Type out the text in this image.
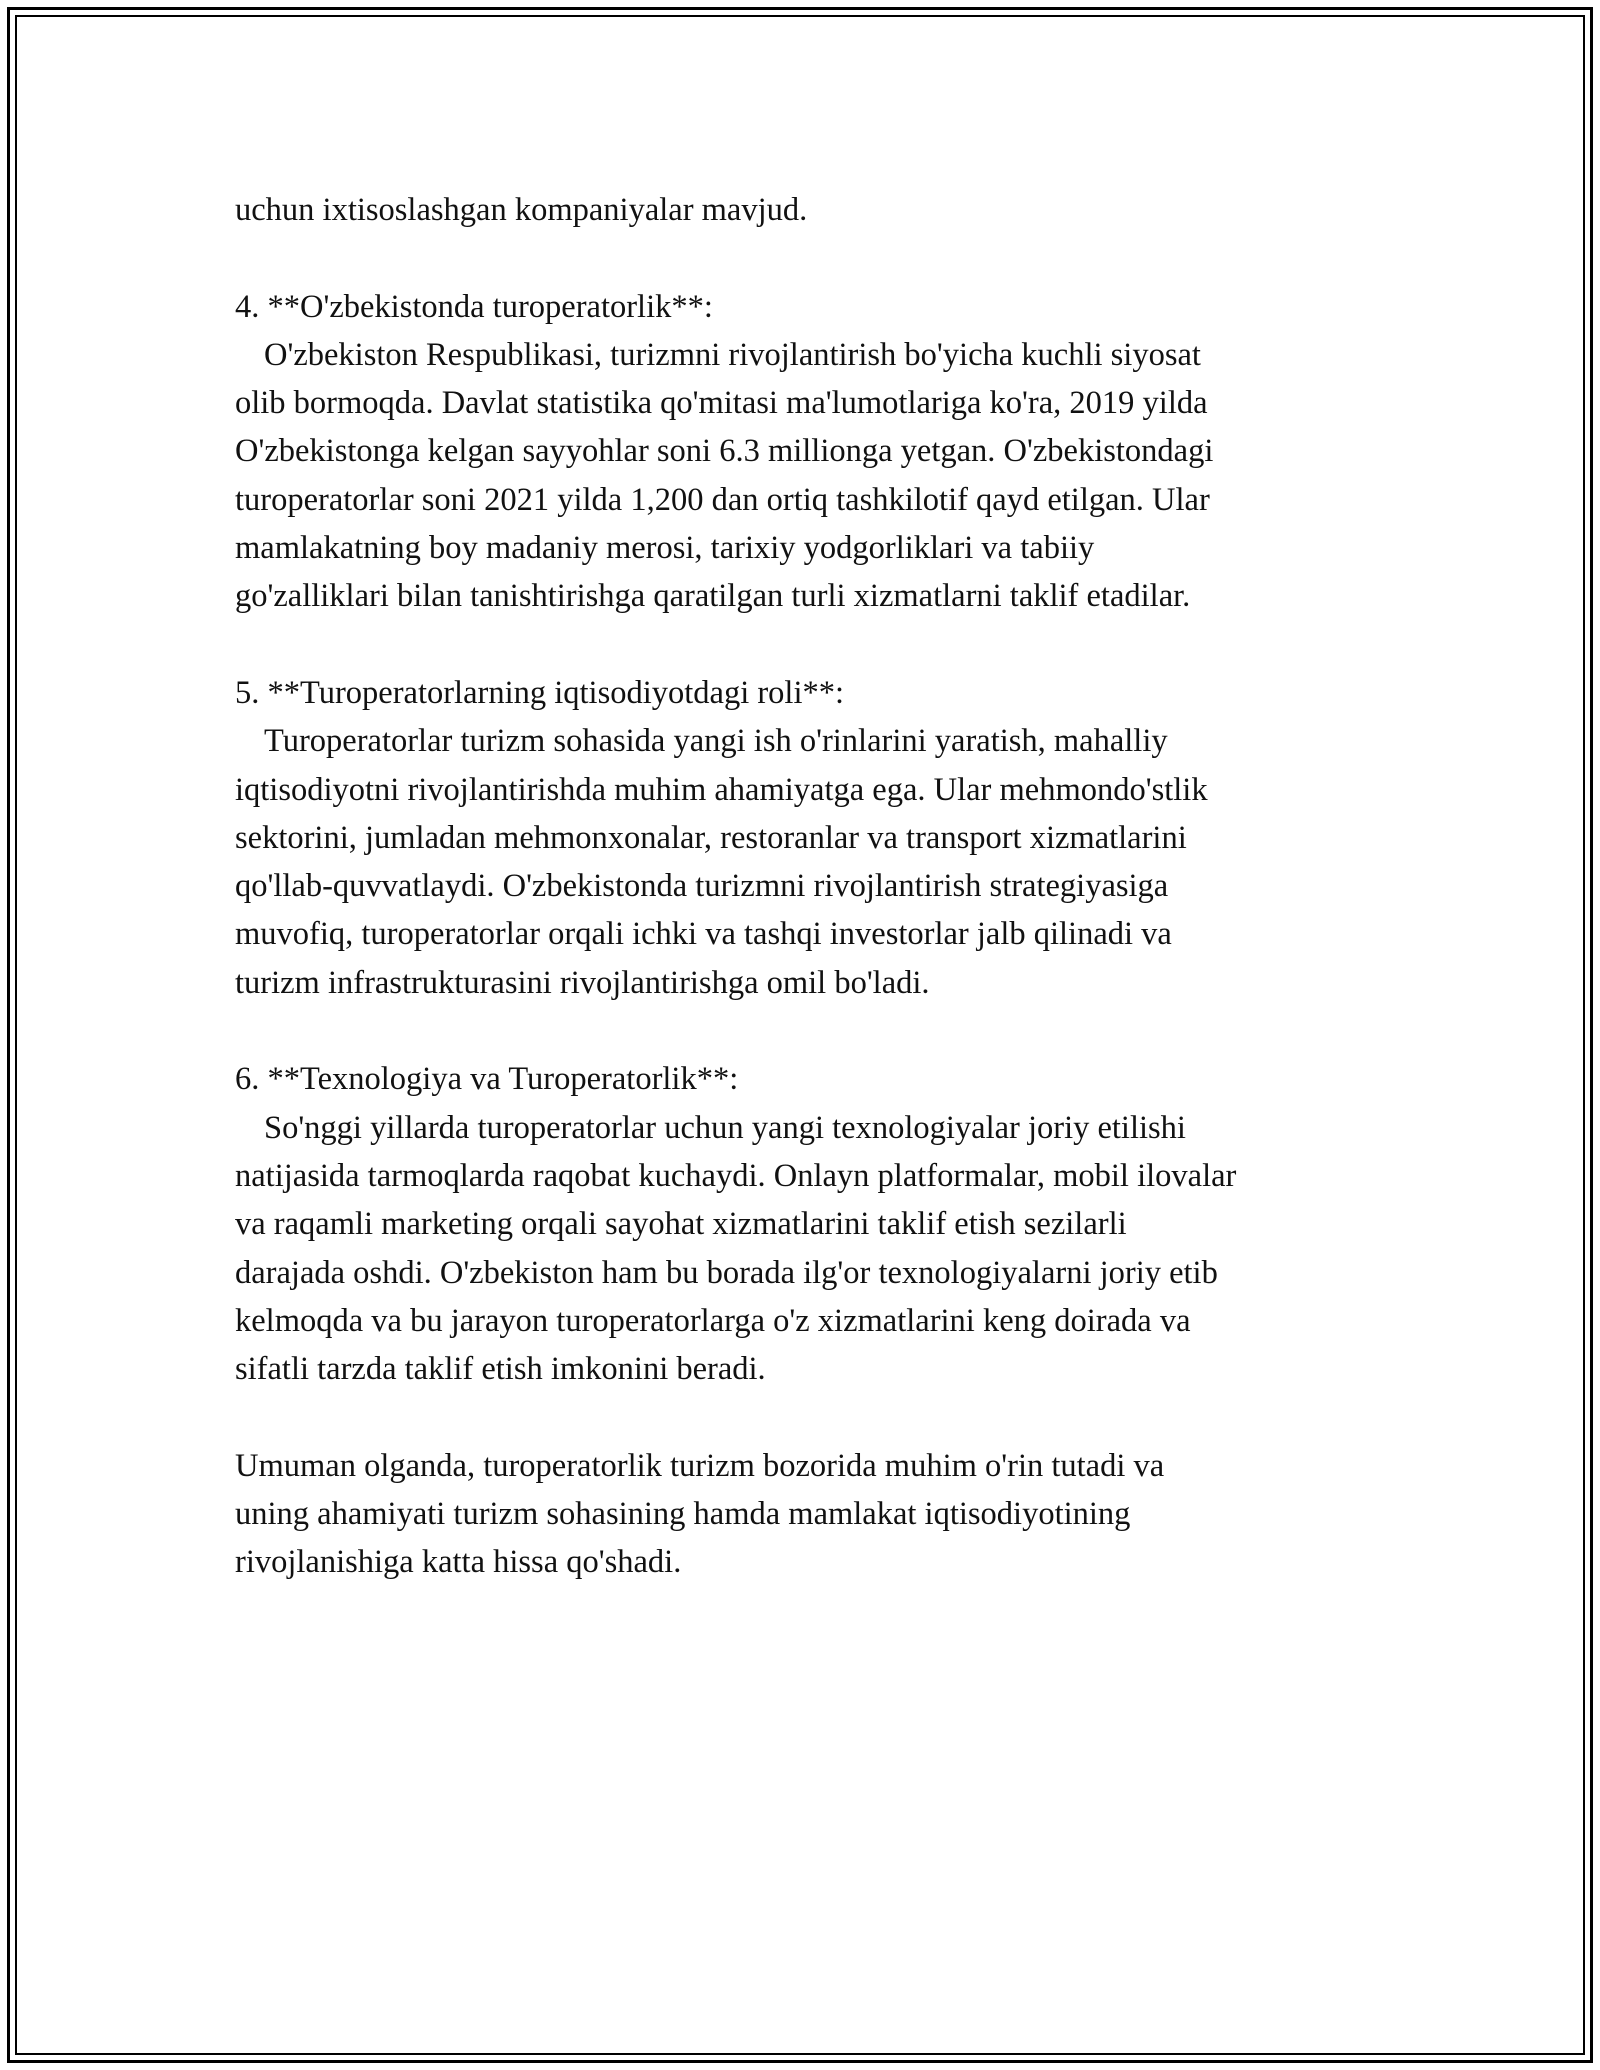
uchun ixtisoslashgan kompaniyalar mavjud.
4. **O'zbekistonda turoperatorlik**:
O'zbekiston Respublikasi, turizmni rivojlantirish bo'yicha kuchli siyosat
olib bormoqda. Davlat statistika qo'mitasi ma'lumotlariga ko'ra, 2019 yilda
O'zbekistonga kelgan sayyohlar soni 6.3 millionga yetgan. O'zbekistondagi
turoperatorlar soni 2021 yilda 1,200 dan ortiq tashkilotif qayd etilgan. Ular
mamlakatning boy madaniy merosi, tarixiy yodgorliklari va tabiiy
go'zalliklari bilan tanishtirishga qaratilgan turli xizmatlarni taklif etadilar.
5. **Turoperatorlarning iqtisodiyotdagi roli**:
Turoperatorlar turizm sohasida yangi ish o'rinlarini yaratish, mahalliy
iqtisodiyotni rivojlantirishda muhim ahamiyatga ega. Ular mehmondo'stlik
sektorini, jumladan mehmonxonalar, restoranlar va transport xizmatlarini
qo'llab-quvvatlaydi. O'zbekistonda turizmni rivojlantirish strategiyasiga
muvofiq, turoperatorlar orqali ichki va tashqi investorlar jalb qilinadi va
turizm infrastrukturasini rivojlantirishga omil bo'ladi.
6. **Texnologiya va Turoperatorlik**:
So'nggi yillarda turoperatorlar uchun yangi texnologiyalar joriy etilishi
natijasida tarmoqlarda raqobat kuchaydi. Onlayn platformalar, mobil ilovalar
va raqamli marketing orqali sayohat xizmatlarini taklif etish sezilarli
darajada oshdi. O'zbekiston ham bu borada ilg'or texnologiyalarni joriy etib
kelmoqda va bu jarayon turoperatorlarga o'z xizmatlarini keng doirada va
sifatli tarzda taklif etish imkonini beradi.
Umuman olganda, turoperatorlik turizm bozorida muhim o'rin tutadi va
uning ahamiyati turizm sohasining hamda mamlakat iqtisodiyotining
rivojlanishiga katta hissa qo'shadi.
